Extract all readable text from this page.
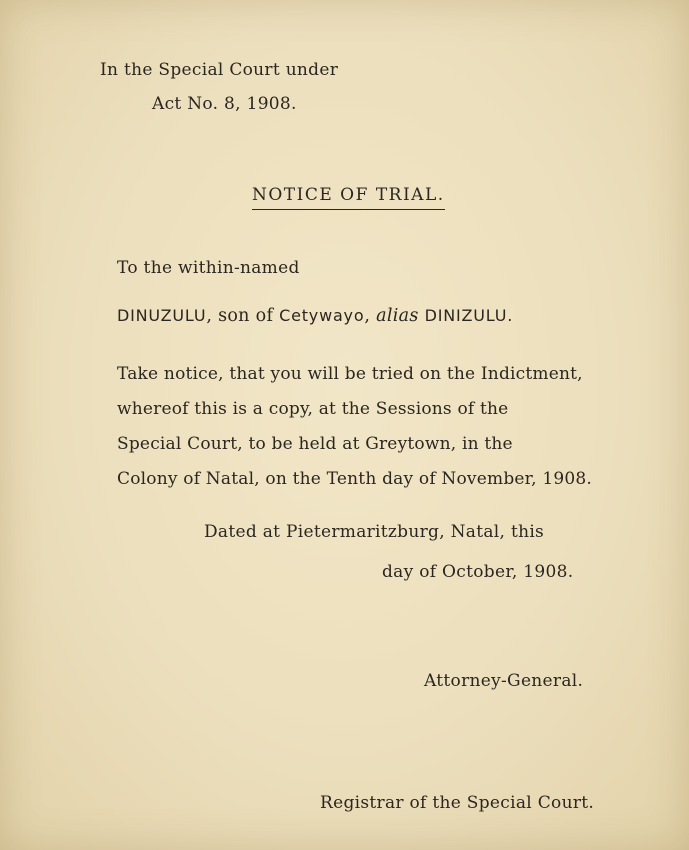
In the Special Court under
Act No. 8, 1908.
NOTICE OF TRIAL.
To the within-named
DINUZULU, son of Cetywayo, alias DINIZULU.
Take notice, that you will be tried on the Indictment,
whereof this is a copy, at the Sessions of the
Special Court, to be held at Greytown, in the
Colony of Natal, on the Tenth day of November, 1908.
Dated at Pietermaritzburg, Natal, this
day of October, 1908.
Attorney-General.
Registrar of the Special Court.
